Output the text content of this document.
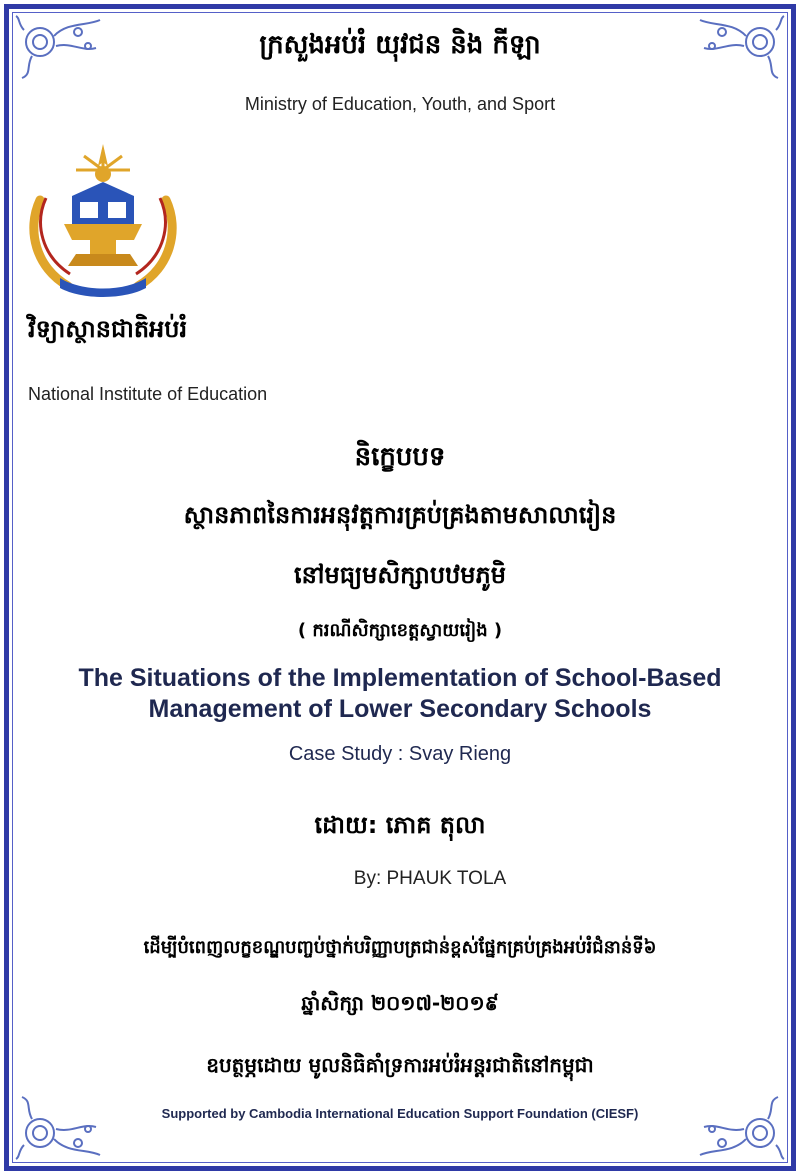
ក្រសួងអប់រំ យុវជន និង កីឡា
Ministry of Education, Youth, and Sport
~~~
វិទ្យាស្ថានជាតិអប់រំ
National Institute of Education
និក្ខេបបទ
ស្ថានភាពនៃការអនុវត្តការគ្រប់គ្រងតាមសាលារៀន
នៅមធ្យមសិក្សាបឋមភូមិ
( ករណីសិក្សាខេត្តស្វាយរៀង )
The Situations of the Implementation of School-Based
Management of Lower Secondary Schools
Case Study : Svay Rieng
ដោយ: ភោគ តុលា
By: PHAUK TOLA
ដើម្បីបំពេញលក្ខខណ្ឌបញ្ចប់ថ្នាក់បរិញ្ញាបត្រជាន់ខ្ពស់ផ្នែកគ្រប់គ្រងអប់រំជំនាន់ទី៦
ឆ្នាំសិក្សា ២០១៧-២០១៩
ឧបត្ថម្ភដោយ មូលនិធិគាំទ្រការអប់រំអន្តរជាតិនៅកម្ពុជា
Supported by Cambodia International Education Support Foundation (CIESF)
